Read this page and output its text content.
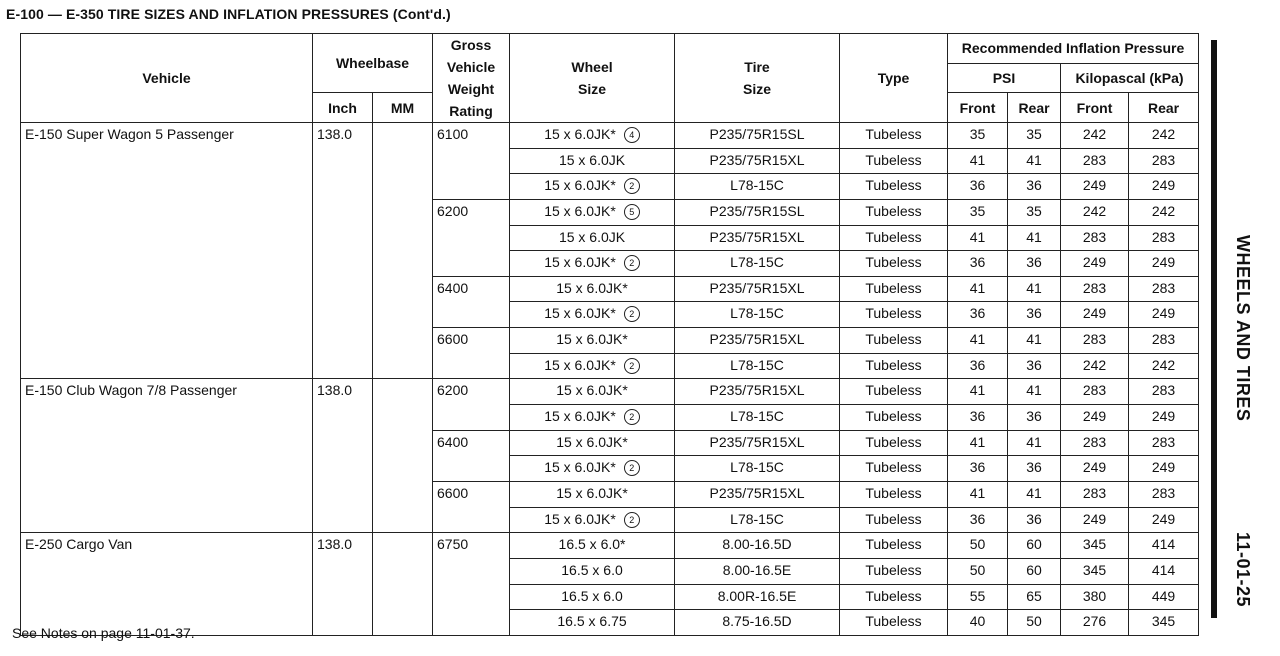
E-100 — E-350 TIRE SIZES AND INFLATION PRESSURES (Cont'd.)
Vehicle	Wheelbase		Gross Vehicle Weight Rating	Wheel Size	Tire Size	Type	Recommended Inflation Pressure			
							PSI		Kilopascal (kPa)	
	Inch	MM					Front	Rear	Front	Rear
E-150 Super Wagon 5 Passenger	138.0		6100	15 x 6.0JK* 4	P235/75R15SL	Tubeless	35	35	242	242
				15 x 6.0JK	P235/75R15XL	Tubeless	41	41	283	283
				15 x 6.0JK* 2	L78-15C	Tubeless	36	36	249	249
			6200	15 x 6.0JK* 5	P235/75R15SL	Tubeless	35	35	242	242
				15 x 6.0JK	P235/75R15XL	Tubeless	41	41	283	283
				15 x 6.0JK* 2	L78-15C	Tubeless	36	36	249	249
			6400	15 x 6.0JK*	P235/75R15XL	Tubeless	41	41	283	283
				15 x 6.0JK* 2	L78-15C	Tubeless	36	36	249	249
			6600	15 x 6.0JK*	P235/75R15XL	Tubeless	41	41	283	283
				15 x 6.0JK* 2	L78-15C	Tubeless	36	36	242	242
E-150 Club Wagon 7/8 Passenger	138.0		6200	15 x 6.0JK*	P235/75R15XL	Tubeless	41	41	283	283
				15 x 6.0JK* 2	L78-15C	Tubeless	36	36	249	249
			6400	15 x 6.0JK*	P235/75R15XL	Tubeless	41	41	283	283
				15 x 6.0JK* 2	L78-15C	Tubeless	36	36	249	249
			6600	15 x 6.0JK*	P235/75R15XL	Tubeless	41	41	283	283
				15 x 6.0JK* 2	L78-15C	Tubeless	36	36	249	249
E-250 Cargo Van	138.0		6750	16.5 x 6.0*	8.00-16.5D	Tubeless	50	60	345	414
				16.5 x 6.0	8.00-16.5E	Tubeless	50	60	345	414
				16.5 x 6.0	8.00R-16.5E	Tubeless	55	65	380	449
				16.5 x 6.75	8.75-16.5D	Tubeless	40	50	276	345
WHEELS AND TIRES
11-01-25
See Notes on page 11-01-37.
